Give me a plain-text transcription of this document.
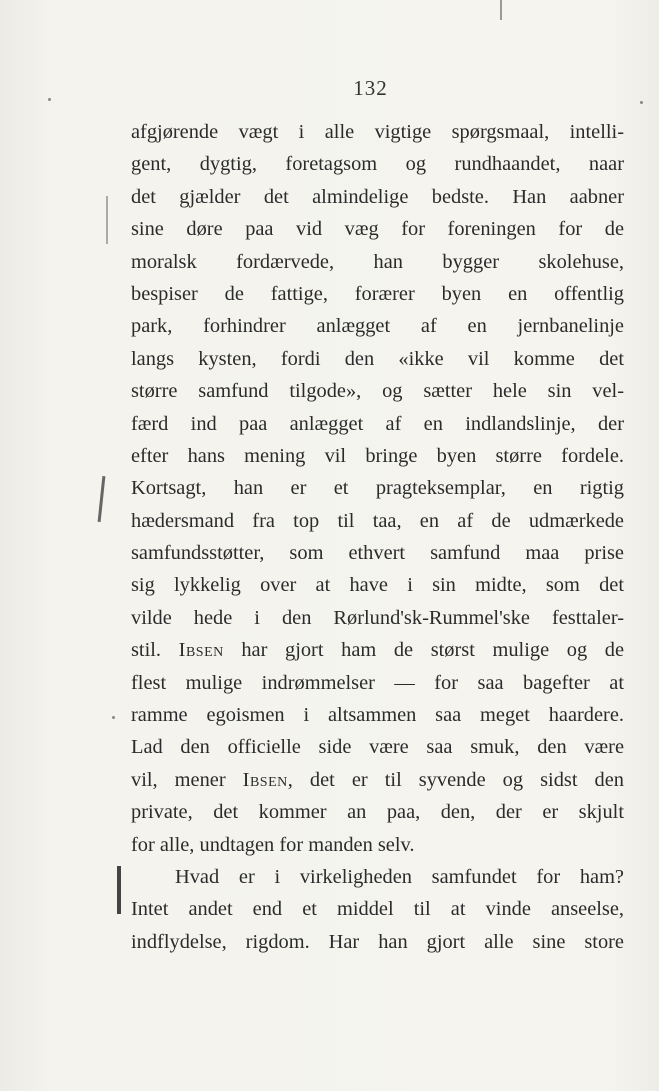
132
afgjørende vægt i alle vigtige spørgsmaal, intelli-
gent, dygtig, foretagsom og rundhaandet, naar
det gjælder det almindelige bedste. Han aabner
sine døre paa vid væg for foreningen for de
moralsk fordærvede, han bygger skolehuse,
bespiser de fattige, forærer byen en offentlig
park, forhindrer anlægget af en jernbanelinje
langs kysten, fordi den «ikke vil komme det
større samfund tilgode», og sætter hele sin vel-
færd ind paa anlægget af en indlandslinje, der
efter hans mening vil bringe byen større fordele.
Kortsagt, han er et pragteksemplar, en rigtig
hædersmand fra top til taa, en af de udmærkede
samfundsstøtter, som ethvert samfund maa prise
sig lykkelig over at have i sin midte, som det
vilde hede i den Rørlund'sk-Rummel'ske festtaler-
stil. Ibsen har gjort ham de størst mulige og de
flest mulige indrømmelser — for saa bagefter at
ramme egoismen i altsammen saa meget haardere.
Lad den officielle side være saa smuk, den være
vil, mener Ibsen, det er til syvende og sidst den
private, det kommer an paa, den, der er skjult
for alle, undtagen for manden selv.
Hvad er i virkeligheden samfundet for ham?
Intet andet end et middel til at vinde anseelse,
indflydelse, rigdom. Har han gjort alle sine store
